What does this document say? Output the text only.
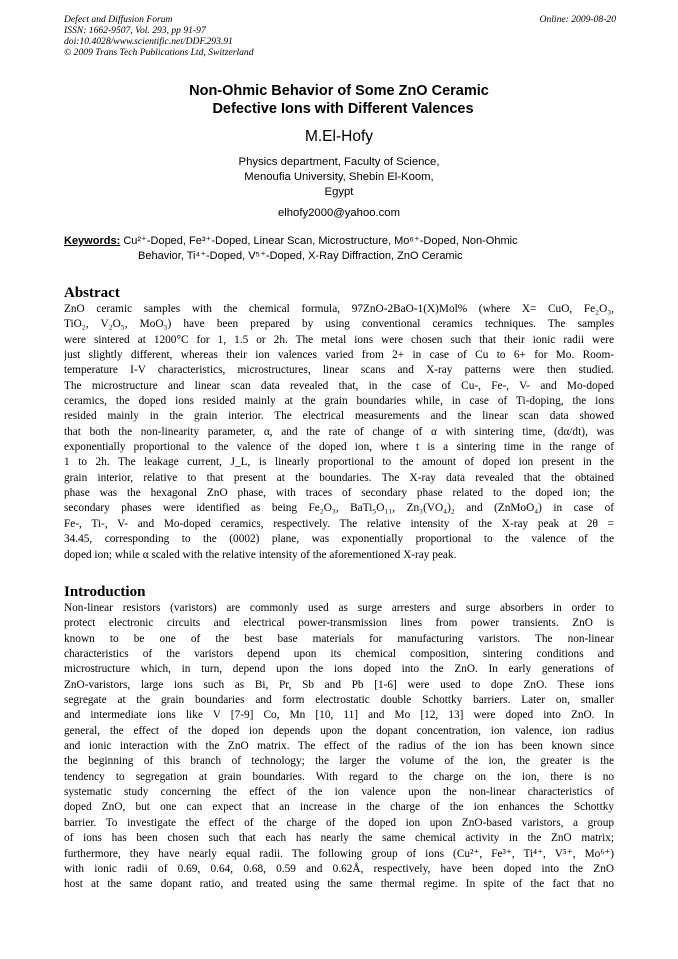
Defect and Diffusion Forum
ISSN: 1662-9507, Vol. 293, pp 91-97
doi:10.4028/www.scientific.net/DDF.293.91
© 2009 Trans Tech Publications Ltd, Switzerland
Online: 2009-08-20
Non-Ohmic Behavior of Some ZnO Ceramic
Defective Ions with Different Valences
M.El-Hofy
Physics department, Faculty of Science,
Menoufia University, Shebin El-Koom,
Egypt
elhofy2000@yahoo.com
Keywords: Cu²⁺-Doped, Fe³⁺-Doped, Linear Scan, Microstructure, Mo⁶⁺-Doped, Non-Ohmic
Behavior, Ti⁴⁺-Doped, V⁵⁺-Doped, X-Ray Diffraction, ZnO Ceramic
Abstract
ZnO ceramic samples with the chemical formula, 97ZnO-2BaO-1(X)Mol% (where X= CuO, Fe₂O₃,
TiO₂, V₂O₅, MoO₃) have been prepared by using conventional ceramics techniques. The samples
were sintered at 1200°C for 1, 1.5 or 2h. The metal ions were chosen such that their ionic radii were
just slightly different, whereas their ion valences varied from 2+ in case of Cu to 6+ for Mo. Room-
temperature I-V characteristics, microstructures, linear scans and X-ray patterns were then studied.
The microstructure and linear scan data revealed that, in the case of Cu-, Fe-, V- and Mo-doped
ceramics, the doped ions resided mainly at the grain boundaries while, in case of Ti-doping, the ions
resided mainly in the grain interior. The electrical measurements and the linear scan data showed
that both the non-linearity parameter, α, and the rate of change of α with sintering time, (dα/dt), was
exponentially proportional to the valence of the doped ion, where t is a sintering time in the range of
1 to 2h. The leakage current, J_L, is linearly proportional to the amount of doped ion present in the
grain interior, relative to that present at the boundaries. The X-ray data revealed that the obtained
phase was the hexagonal ZnO phase, with traces of secondary phase related to the doped ion; the
secondary phases were identified as being Fe₂O₃, BaTi₅O₁₁, Zn₃(VO₄)₂ and (ZnMoO₄) in case of
Fe-, Ti-, V- and Mo-doped ceramics, respectively. The relative intensity of the X-ray peak at 2θ =
34.45, corresponding to the (0002) plane, was exponentially proportional to the valence of the
doped ion; while α scaled with the relative intensity of the aforementioned X-ray peak.
Introduction
Non-linear resistors (varistors) are commonly used as surge arresters and surge absorbers in order to
protect electronic circuits and electrical power-transmission lines from power transients. ZnO is
known to be one of the best base materials for manufacturing varistors. The non-linear
characteristics of the varistors depend upon its chemical composition, sintering conditions and
microstructure which, in turn, depend upon the ions doped into the ZnO. In early generations of
ZnO-varistors, large ions such as Bi, Pr, Sb and Pb [1-6] were used to dope ZnO. These ions
segregate at the grain boundaries and form electrostatic double Schottky barriers. Later on, smaller
and intermediate ions like V [7-9] Co, Mn [10, 11] and Mo [12, 13] were doped into ZnO. In
general, the effect of the doped ion depends upon the dopant concentration, ion valence, ion radius
and ionic interaction with the ZnO matrix. The effect of the radius of the ion has been known since
the beginning of this branch of technology; the larger the volume of the ion, the greater is the
tendency to segregation at grain boundaries. With regard to the charge on the ion, there is no
systematic study concerning the effect of the ion valence upon the non-linear characteristics of
doped ZnO, but one can expect that an increase in the charge of the ion enhances the Schottky
barrier. To investigate the effect of the charge of the doped ion upon ZnO-based varistors, a group
of ions has been chosen such that each has nearly the same chemical activity in the ZnO matrix;
furthermore, they have nearly equal radii. The following group of ions (Cu²⁺, Fe³⁺, Ti⁴⁺, V⁵⁺, Mo⁶⁺)
with ionic radii of 0.69, 0.64, 0.68, 0.59 and 0.62Å, respectively, have been doped into the ZnO
host at the same dopant ratio, and treated using the same thermal regime. In spite of the fact that no
